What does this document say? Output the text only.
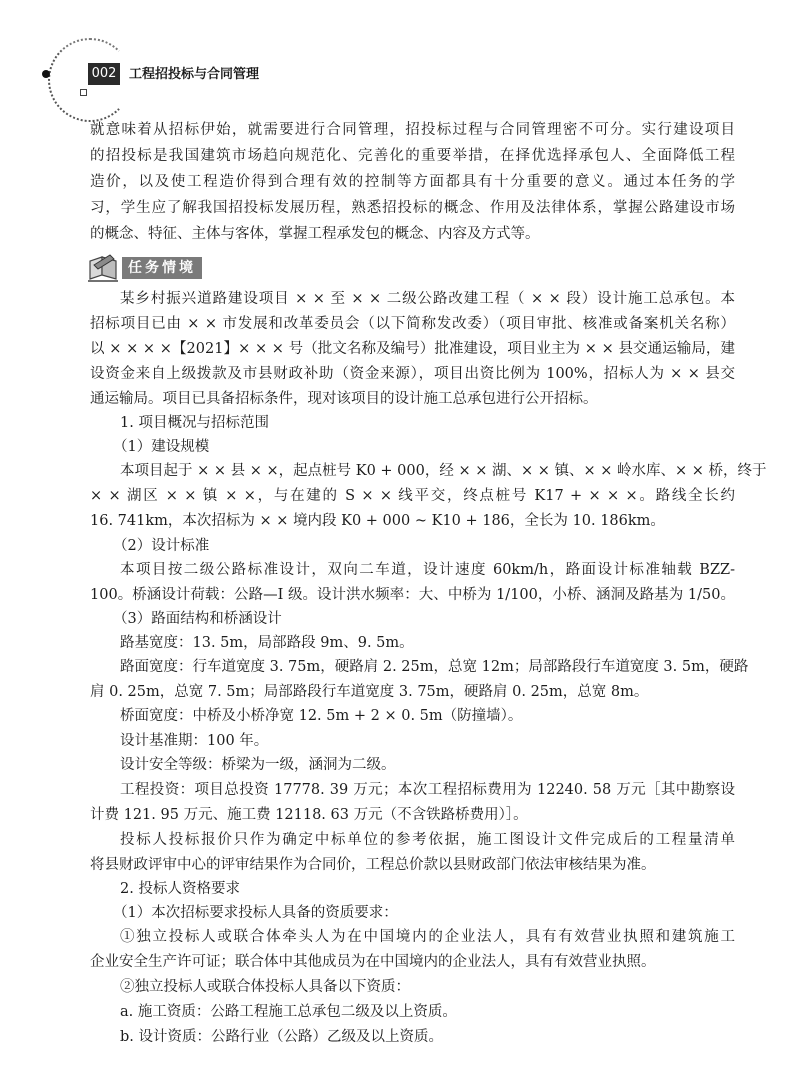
002 工程招投标与合同管理
就意味着从招标伊始，就需要进行合同管理，招投标过程与合同管理密不可分。实行建设项目
的招投标是我国建筑市场趋向规范化、完善化的重要举措，在择优选择承包人、全面降低工程
造价，以及使工程造价得到合理有效的控制等方面都具有十分重要的意义。通过本任务的学
习，学生应了解我国招投标发展历程，熟悉招投标的概念、作用及法律体系，掌握公路建设市场
的概念、特征、主体与客体，掌握工程承发包的概念、内容及方式等。
任务情境
某乡村振兴道路建设项目 × × 至 × × 二级公路改建工程（ × × 段）设计施工总承包。本
招标项目已由 × × 市发展和改革委员会（以下简称发改委）（项目审批、核准或备案机关名称）
以 × × × ×【2021】× × × 号（批文名称及编号）批准建设，项目业主为 × × 县交通运输局，建
设资金来自上级拨款及市县财政补助（资金来源），项目出资比例为 100%，招标人为 × × 县交
通运输局。项目已具备招标条件，现对该项目的设计施工总承包进行公开招标。
1. 项目概况与招标范围
（1）建设规模
本项目起于 × × 县 × ×，起点桩号 K0 + 000，经 × × 湖、× × 镇、× × 岭水库、× × 桥，终于
× × 湖区 × × 镇 × ×，与在建的 S × × 线平交，终点桩号 K17 + × × ×。路线全长约
16. 741km，本次招标为 × × 境内段 K0 + 000 ~ K10 + 186，全长为 10. 186km。
（2）设计标准
本项目按二级公路标准设计，双向二车道，设计速度 60km/h，路面设计标准轴载 BZZ-
100。桥涵设计荷载：公路—I 级。设计洪水频率：大、中桥为 1/100，小桥、涵洞及路基为 1/50。
（3）路面结构和桥涵设计
路基宽度：13. 5m，局部路段 9m、9. 5m。
路面宽度：行车道宽度 3. 75m，硬路肩 2. 25m，总宽 12m；局部路段行车道宽度 3. 5m，硬路
肩 0. 25m，总宽 7. 5m；局部路段行车道宽度 3. 75m，硬路肩 0. 25m，总宽 8m。
桥面宽度：中桥及小桥净宽 12. 5m + 2 × 0. 5m（防撞墙）。
设计基准期：100 年。
设计安全等级：桥梁为一级，涵洞为二级。
工程投资：项目总投资 17778. 39 万元；本次工程招标费用为 12240. 58 万元［其中勘察设
计费 121. 95 万元、施工费 12118. 63 万元（不含铁路桥费用）］。
投标人投标报价只作为确定中标单位的参考依据，施工图设计文件完成后的工程量清单
将县财政评审中心的评审结果作为合同价，工程总价款以县财政部门依法审核结果为准。
2. 投标人资格要求
（1）本次招标要求投标人具备的资质要求：
①独立投标人或联合体牵头人为在中国境内的企业法人，具有有效营业执照和建筑施工
企业安全生产许可证；联合体中其他成员为在中国境内的企业法人，具有有效营业执照。
②独立投标人或联合体投标人具备以下资质：
a. 施工资质：公路工程施工总承包二级及以上资质。
b. 设计资质：公路行业（公路）乙级及以上资质。
